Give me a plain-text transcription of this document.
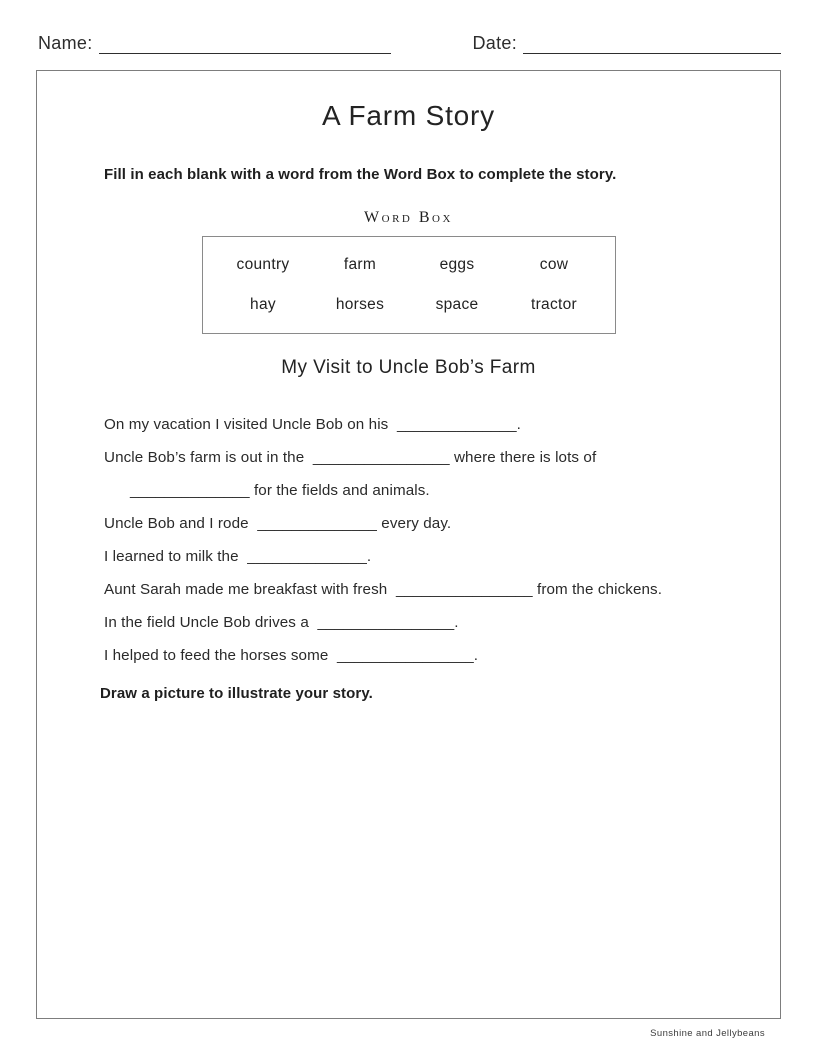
Name:	Date:
A Farm Story
Fill in each blank with a word from the Word Box to complete the story.
Word Box
country	farm	eggs	cow
hay	horses	space	tractor
My Visit to Uncle Bob’s Farm
On my vacation I visited Uncle Bob on his  ______________.
Uncle Bob’s farm is out in the  ________________ where there is lots of
______________ for the fields and animals.
Uncle Bob and I rode  ______________ every day.
I learned to milk the  ______________.
Aunt Sarah made me breakfast with fresh  ________________ from the chickens.
In the field Uncle Bob drives a  ________________.
I helped to feed the horses some  ________________.
Draw a picture to illustrate your story.
Sunshine and Jellybeans
